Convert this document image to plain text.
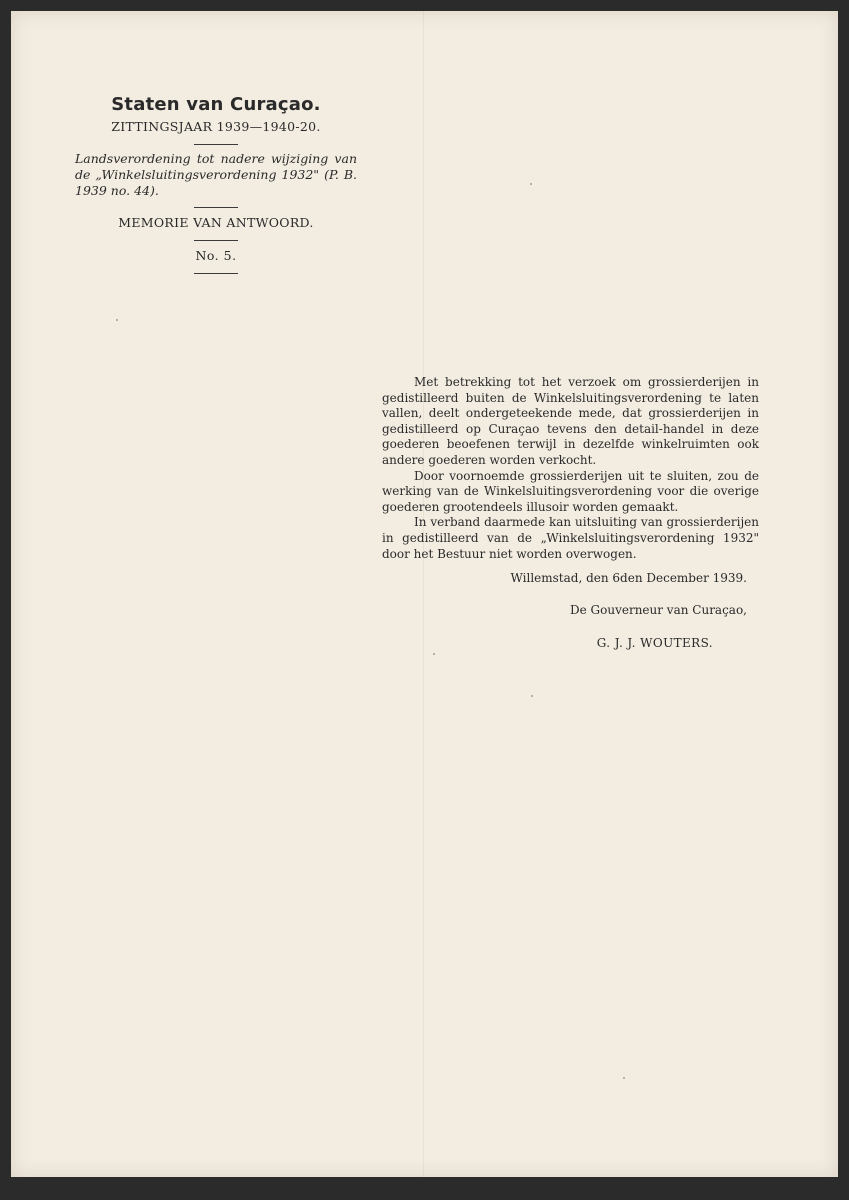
Staten van Curaçao.
ZITTINGSJAAR 1939—1940-20.
Landsverordening tot nadere wijziging van de „Winkelsluitingsverordening 1932" (P. B. 1939 no. 44).
MEMORIE VAN ANTWOORD.
No. 5.

Met betrekking tot het verzoek om grossierderijen in gedistilleerd buiten de Winkelsluitingsverordening te laten vallen, deelt ondergeteekende mede, dat grossierderijen in gedistilleerd op Curaçao tevens den detail-handel in deze goederen beoefenen terwijl in dezelfde winkelruimten ook andere goederen worden verkocht.

Door voornoemde grossierderijen uit te sluiten, zou de werking van de Winkelsluitingsverordening voor die overige goederen grootendeels illusoir worden gemaakt.

In verband daarmede kan uitsluiting van grossierderijen in gedistilleerd van de „Winkelsluitingsverordening 1932" door het Bestuur niet worden overwogen.

Willemstad, den 6den December 1939.
De Gouverneur van Curaçao,
G. J. J. WOUTERS.
